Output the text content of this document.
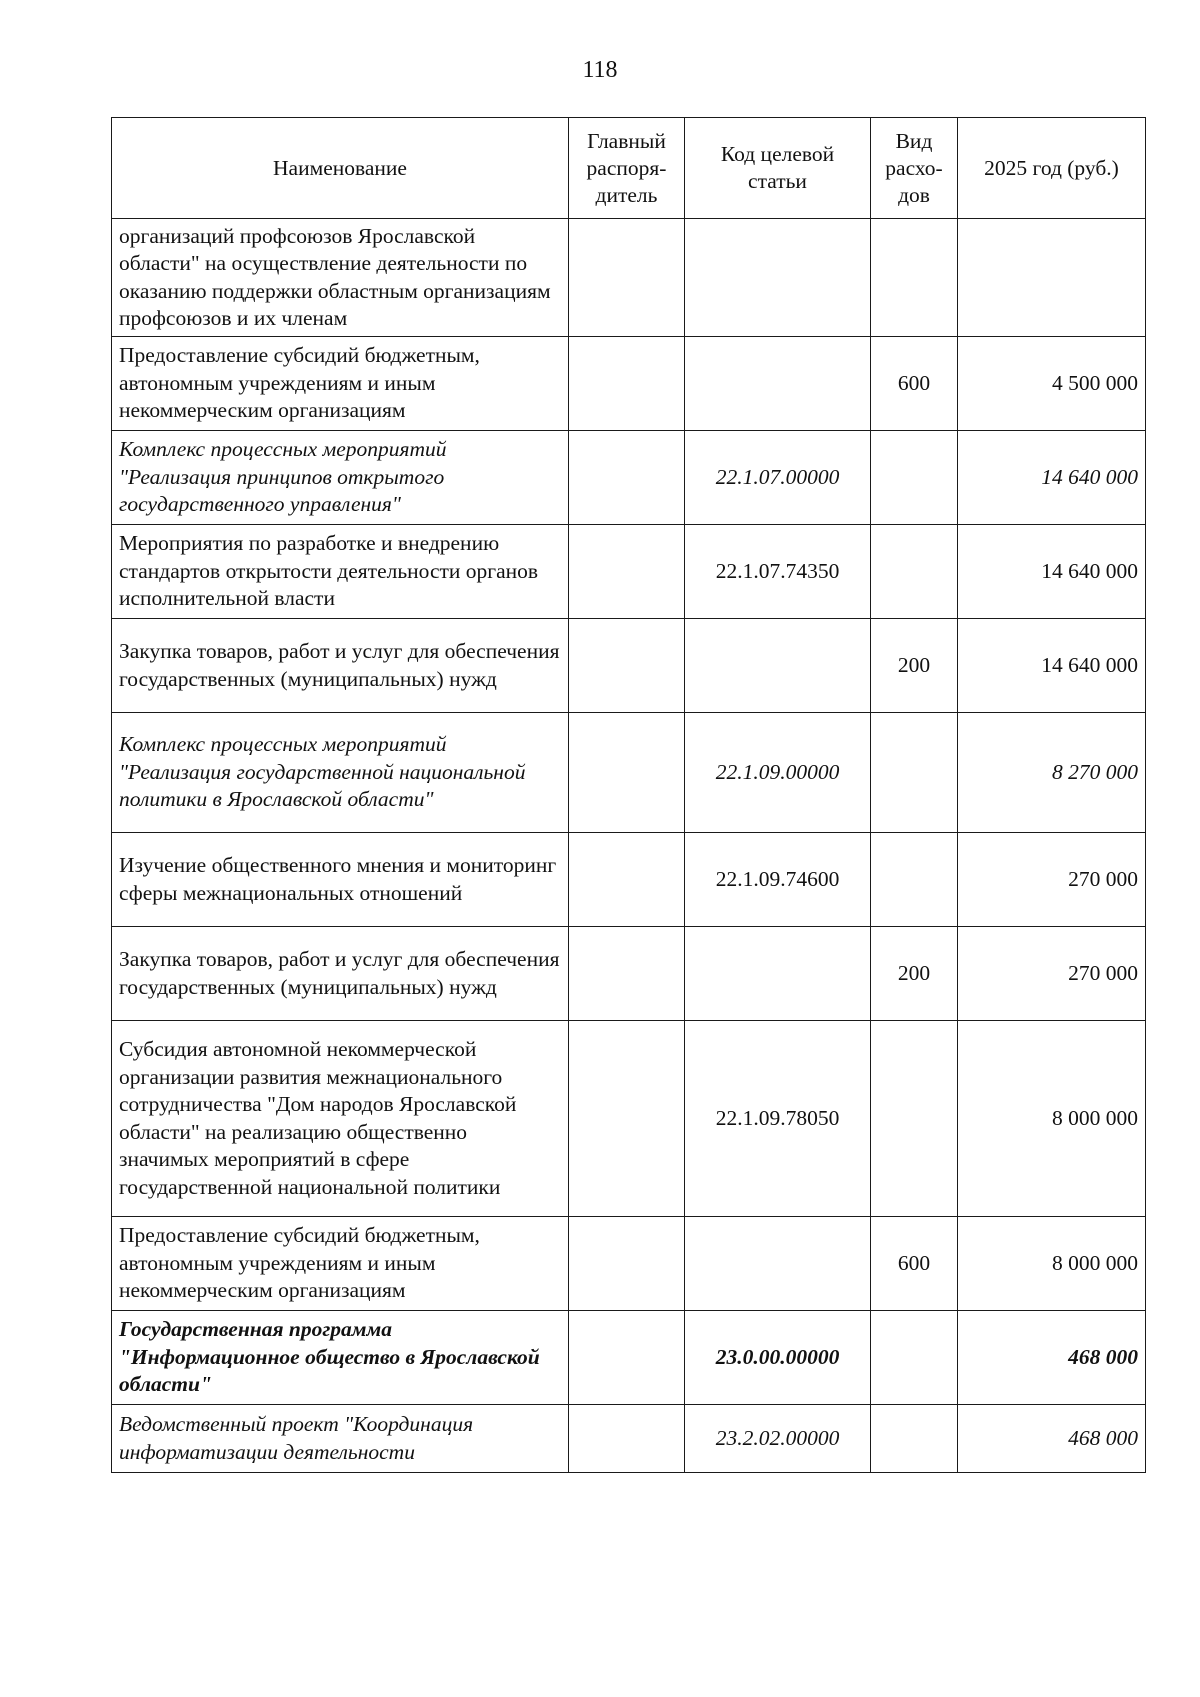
118
Наименование	Главный распоря-дитель	Код целевой статьи	Вид расхо-дов	2025 год (руб.)
организаций профсоюзов Ярославской области" на осуществление деятельности по оказанию поддержки областным организациям профсоюзов и их членам				
Предоставление субсидий бюджетным, автономным учреждениям и иным некоммерческим организациям			600	4 500 000
Комплекс процессных мероприятий "Реализация принципов открытого государственного управления"		22.1.07.00000		14 640 000
Мероприятия по разработке и внедрению стандартов открытости деятельности органов исполнительной власти		22.1.07.74350		14 640 000
Закупка товаров, работ и услуг для обеспечения государственных (муниципальных) нужд			200	14 640 000
Комплекс процессных мероприятий "Реализация государственной национальной политики в Ярославской области"		22.1.09.00000		8 270 000
Изучение общественного мнения и мониторинг сферы межнациональных отношений		22.1.09.74600		270 000
Закупка товаров, работ и услуг для обеспечения государственных (муниципальных) нужд			200	270 000
Субсидия автономной некоммерческой организации развития межнационального сотрудничества "Дом народов Ярославской области" на реализацию общественно значимых мероприятий в сфере государственной национальной политики		22.1.09.78050		8 000 000
Предоставление субсидий бюджетным, автономным учреждениям и иным некоммерческим организациям			600	8 000 000
Государственная программа "Информационное общество в Ярославской области"		23.0.00.00000		468 000
Ведомственный проект "Координация информатизации деятельности		23.2.02.00000		468 000
